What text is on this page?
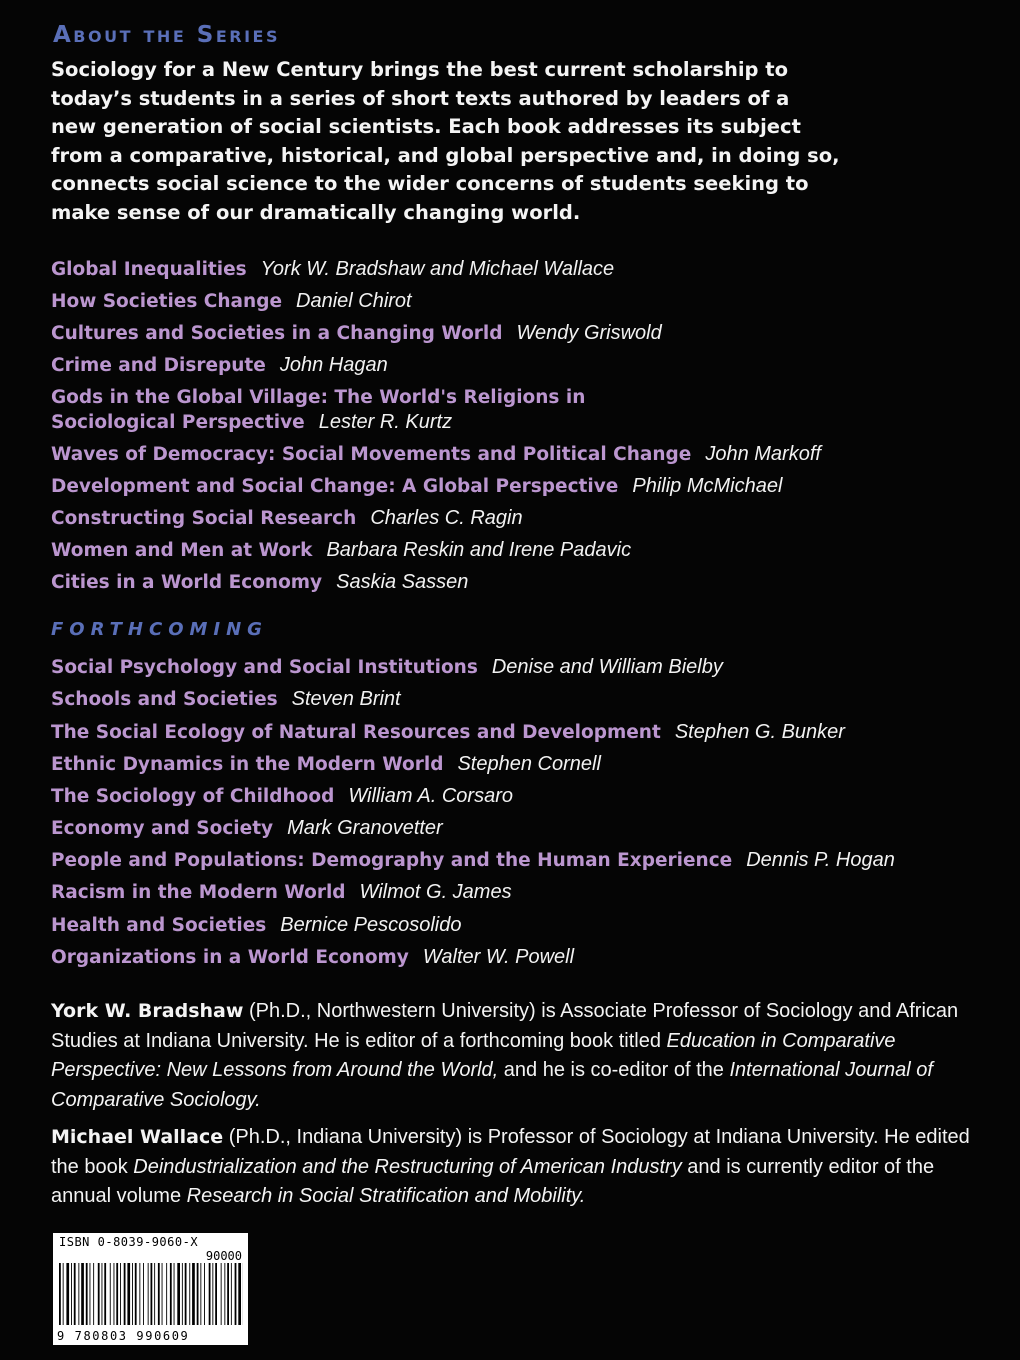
About the Series

Sociology for a New Century brings the best current scholarship to today’s students in a series of short texts authored by leaders of a new generation of social scientists. Each book addresses its subject from a comparative, historical, and global perspective and, in doing so, connects social science to the wider concerns of students seeking to make sense of our dramatically changing world.

Global Inequalities York W. Bradshaw and Michael Wallace

How Societies Change Daniel Chirot

Cultures and Societies in a Changing World Wendy Griswold

Crime and Disrepute John Hagan

Gods in the Global Village: The World's Religions in Sociological Perspective Lester R. Kurtz

Waves of Democracy: Social Movements and Political Change John Markoff

Development and Social Change: A Global Perspective Philip McMichael

Constructing Social Research Charles C. Ragin

Women and Men at Work Barbara Reskin and Irene Padavic

Cities in a World Economy Saskia Sassen

FORTHCOMING

Social Psychology and Social Institutions Denise and William Bielby

Schools and Societies Steven Brint

The Social Ecology of Natural Resources and Development Stephen G. Bunker

Ethnic Dynamics in the Modern World Stephen Cornell

The Sociology of Childhood William A. Corsaro

Economy and Society Mark Granovetter

People and Populations: Demography and the Human Experience Dennis P. Hogan

Racism in the Modern World Wilmot G. James

Health and Societies Bernice Pescosolido

Organizations in a World Economy Walter W. Powell

York W. Bradshaw (Ph.D., Northwestern University) is Associate Professor of Sociology and African Studies at Indiana University. He is editor of a forthcoming book titled Education in Comparative Perspective: New Lessons from Around the World, and he is co-editor of the International Journal of Comparative Sociology.

Michael Wallace (Ph.D., Indiana University) is Professor of Sociology at Indiana University. He edited the book Deindustrialization and the Restructuring of American Industry and is currently editor of the annual volume Research in Social Stratification and Mobility.

ISBN 0-8039-9060-X
90000
9 780803 990609
